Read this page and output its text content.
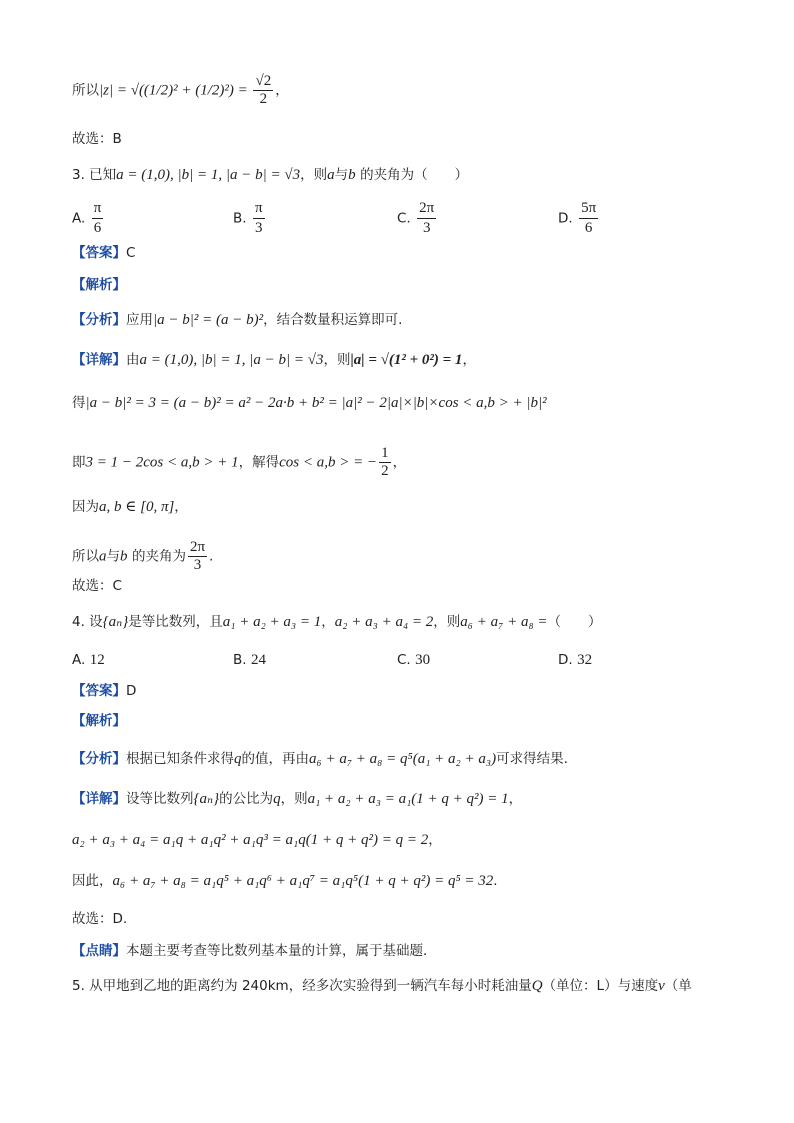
所以$|z| = √((1/2)^2 + (1/2)^2) = \frac{√2}{2}$ ，
故选：B
3. 已知a = (1,0), |b| = 1, |a − b| = √3，则a与b 的夹角为（　　）
A. $\frac{\pi}{6}$	B. $\frac{\pi}{3}$	C. $\frac{2\pi}{3}$	D. $\frac{5\pi}{6}$
【答案】C
【解析】
【分析】应用|a − b|² = (a − b)²，结合数量积运算即可.
【详解】由a = (1,0), |b| = 1, |a − b| = √3，则|a| = √(1² + 0²) = 1，
得|a − b|² = 3 = (a − b)² = a² − 2a·b + b² = |a|² − 2|a|×|b|×cos < a,b > + |b|²
即3 = 1 − 2cos < a,b > + 1，解得cos < a,b > = − $\frac{1}{2}$ ，
因为a, b ∈ [0, π]，
所以a与b 的夹角为 $\frac{2\pi}{3}$ .
故选：C
4. 设{aₙ}是等比数列，且a₁ + a₂ + a₃ = 1，a₂ + a₃ + a₄ = 2，则a₆ + a₇ + a₈ =（　　）
A. 12	B. 24	C. 30	D. 32
【答案】D
【解析】
【分析】根据已知条件求得q的值，再由a₆ + a₇ + a₈ = q⁵(a₁ + a₂ + a₃)可求得结果.
【详解】设等比数列{aₙ}的公比为q，则a₁ + a₂ + a₃ = a₁(1 + q + q²) = 1，
a₂ + a₃ + a₄ = a₁q + a₁q² + a₁q³ = a₁q(1 + q + q²) = q = 2，
因此，a₆ + a₇ + a₈ = a₁q⁵ + a₁q⁶ + a₁q⁷ = a₁q⁵(1 + q + q²) = q⁵ = 32.
故选：D.
【点睛】本题主要考查等比数列基本量的计算，属于基础题．
5. 从甲地到乙地的距离约为 240km，经多次实验得到一辆汽车每小时耗油量Q（单位：L）与速度v（单
